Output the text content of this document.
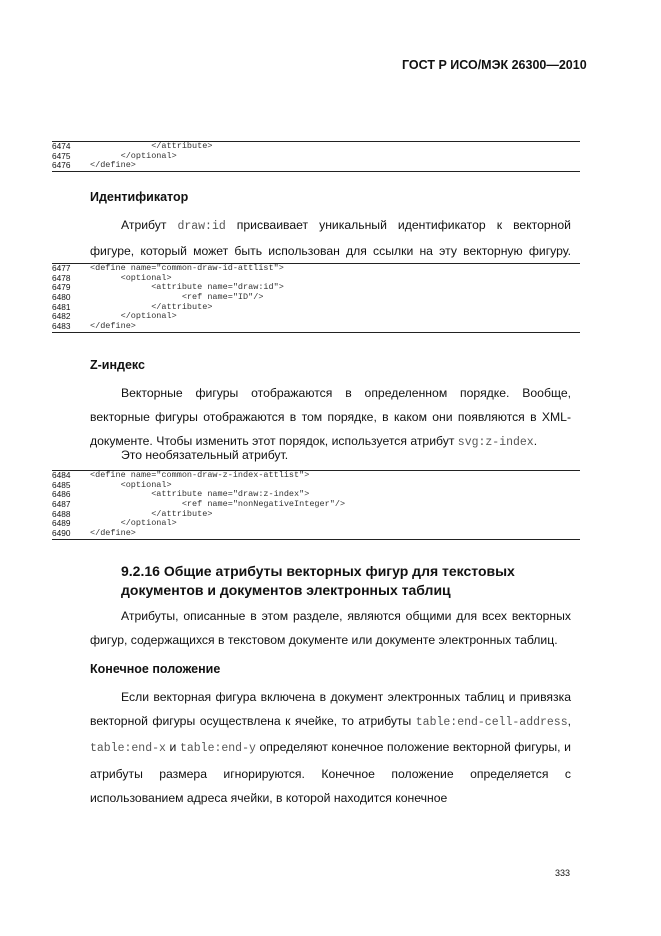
ГОСТ Р ИСО/МЭК 26300—2010
6474	</attribute>
6475	</optional>
6476	</define>
Идентификатор
Атрибут draw:id присваивает уникальный идентификатор к векторной фигуре, который может быть использован для ссылки на эту векторную фигуру.
6477	<define name="common-draw-id-attlist">
6478	<optional>
6479	<attribute name="draw:id">
6480	<ref name="ID"/>
6481	</attribute>
6482	</optional>
6483	</define>
Z-индекс
Векторные фигуры отображаются в определенном порядке. Вообще, векторные фигуры отображаются в том порядке, в каком они появляются в XML-документе. Чтобы изменить этот порядок, используется атрибут svg:z-index.
Это необязательный атрибут.
6484	<define name="common-draw-z-index-attlist">
6485	<optional>
6486	<attribute name="draw:z-index">
6487	<ref name="nonNegativeInteger"/>
6488	</attribute>
6489	</optional>
6490	</define>
9.2.16 Общие атрибуты векторных фигур для текстовых документов и документов электронных таблиц
Атрибуты, описанные в этом разделе, являются общими для всех векторных фигур, содержащихся в текстовом документе или документе электронных таблиц.
Конечное положение
Если векторная фигура включена в документ электронных таблиц и привязка векторной фигуры осуществлена к ячейке, то атрибуты table:end-cell-address, table:end-x и table:end-y определяют конечное положение векторной фигуры, и атрибуты размера игнорируются. Конечное положение определяется с использованием адреса ячейки, в которой находится конечное
333
